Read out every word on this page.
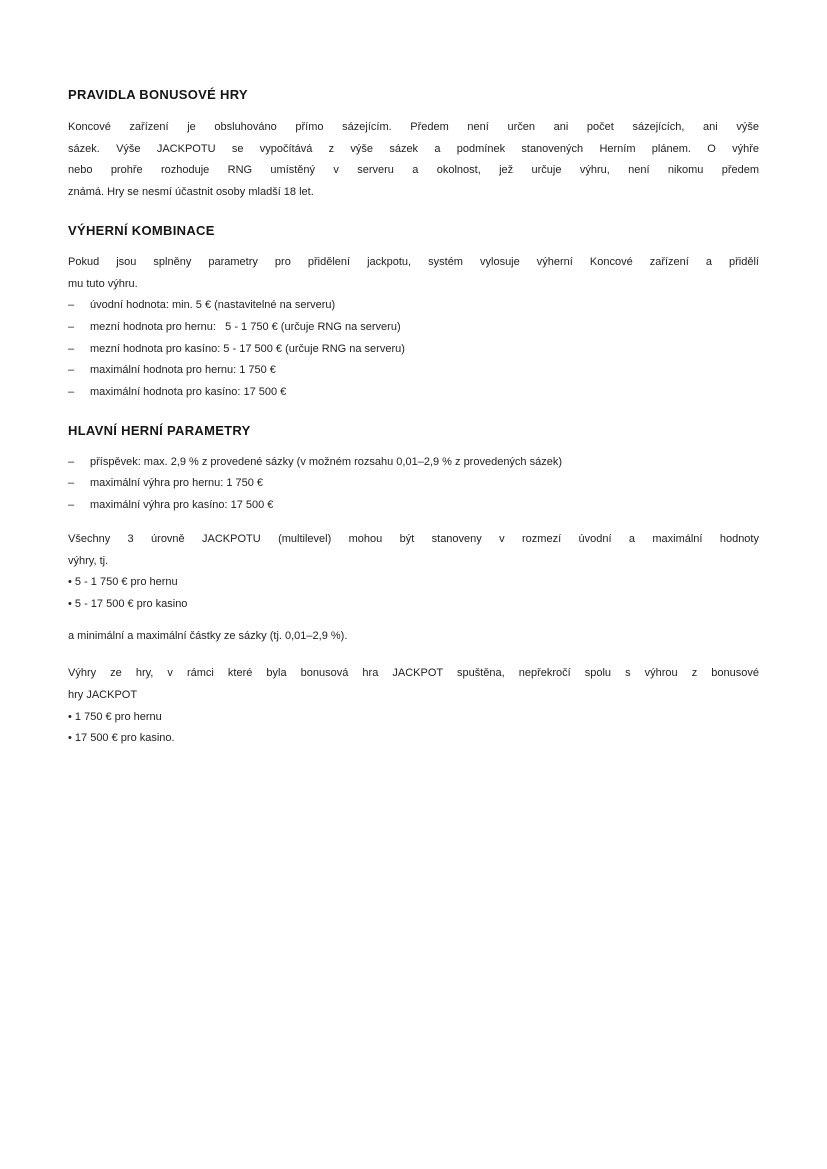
PRAVIDLA BONUSOVÉ HRY
Koncové zařízení je obsluhováno přímo sázejícím. Předem není určen ani počet sázejících, ani výše
sázek. Výše JACKPOTU se vypočítává z výše sázek a podmínek stanovených Herním plánem. O výhře
nebo prohře rozhoduje RNG umístěný v serveru a okolnost, jež určuje výhru, není nikomu předem
známá. Hry se nesmí účastnit osoby mladší 18 let.
VÝHERNÍ KOMBINACE
Pokud jsou splněny parametry pro přidělení jackpotu, systém vylosuje výherní Koncové zařízení a přidělí
mu tuto výhru.
–	úvodní hodnota: min. 5 € (nastavitelné na serveru)
–	mezní hodnota pro hernu:   5 - 1 750 € (určuje RNG na serveru)
–	mezní hodnota pro kasíno: 5 - 17 500 € (určuje RNG na serveru)
–	maximální hodnota pro hernu: 1 750 €
–	maximální hodnota pro kasíno: 17 500 €
HLAVNÍ HERNÍ PARAMETRY
–	příspěvek: max. 2,9 % z provedené sázky (v možném rozsahu 0,01–2,9 % z provedených sázek)
–	maximální výhra pro hernu: 1 750 €
–	maximální výhra pro kasíno: 17 500 €
Všechny 3 úrovně JACKPOTU (multilevel) mohou být stanoveny v rozmezí úvodní a maximální hodnoty
výhry, tj.
• 5 - 1 750 € pro hernu
• 5 - 17 500 € pro kasino
a minimální a maximální částky ze sázky (tj. 0,01–2,9 %).
Výhry ze hry, v rámci které byla bonusová hra JACKPOT spuštěna, nepřekročí spolu s výhrou z bonusové
hry JACKPOT
• 1 750 € pro hernu
• 17 500 € pro kasino.
